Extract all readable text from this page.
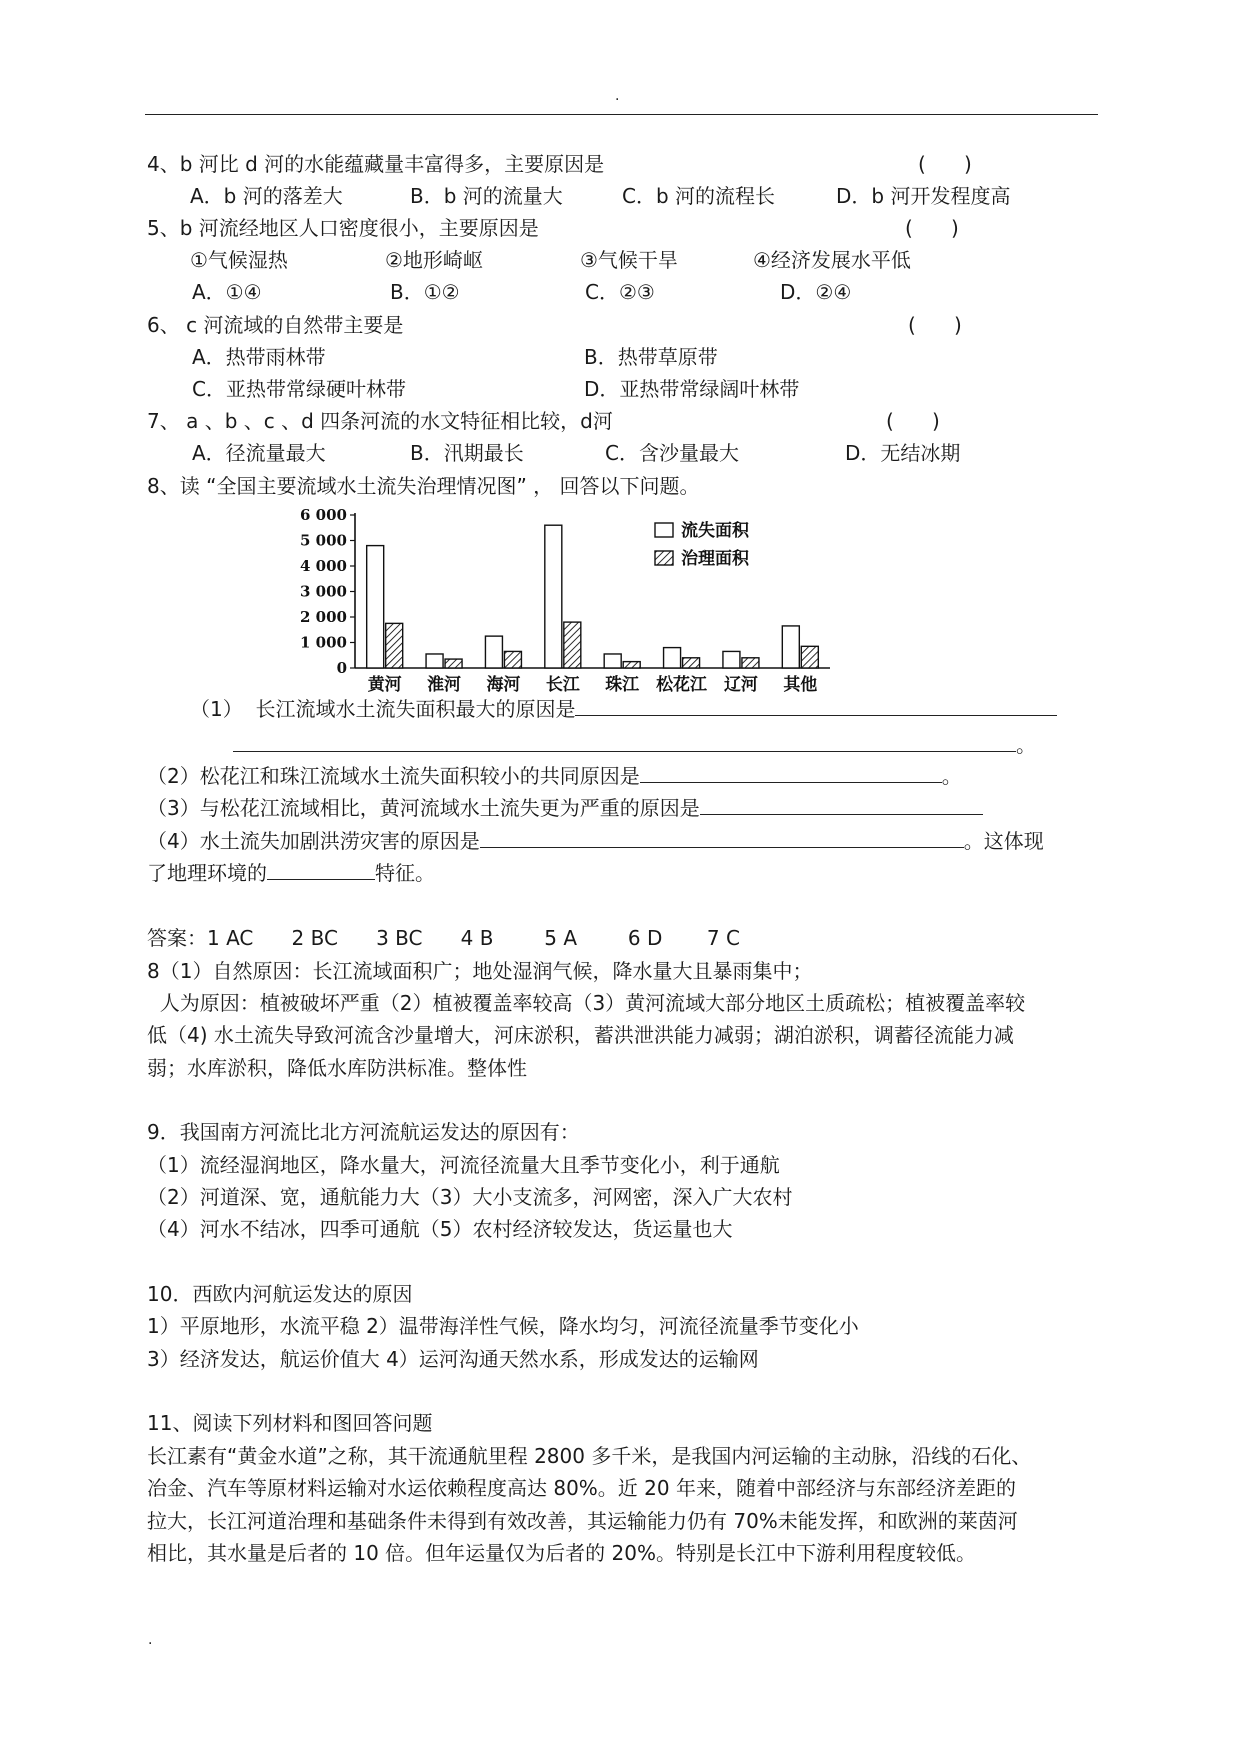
.
4、b 河比 d 河的水能蕴藏量丰富得多，主要原因是	(      )
A．b 河的落差大	B．b 河的流量大	C．b 河的流程长	D．b 河开发程度高
5、b 河流经地区人口密度很小，主要原因是	(      )
①气候湿热	②地形崎岖	③气候干旱	④经济发展水平低
A．①④	B．①②	C．②③	D．②④
6、 c 河流域的自然带主要是	(      )
A．热带雨林带	B．热带草原带
C．亚热带常绿硬叶林带	D．亚热带常绿阔叶林带
7、 a 、b 、c 、d 四条河流的水文特征相比较，d河	(      )
A．径流量最大	B．汛期最长	C．含沙量最大	D．无结冰期
8、读 “全国主要流域水土流失治理情况图” ， 回答以下问题。
0
1 000
2 000
3 000
4 000
5 000
6 000
黄河 淮河 海河 长江 珠江 松花江 辽河 其他
流失面积
治理面积
（1）  长江流域水土流失面积最大的原因是
。
（2）松花江和珠江流域水土流失面积较小的共同原因是	。
（3）与松花江流域相比，黄河流域水土流失更为严重的原因是
（4）水土流失加剧洪涝灾害的原因是	。这体现
了地理环境的	特征。
答案：1 AC      2 BC      3 BC      4 B        5 A        6 D       7 C
8（1）自然原因：长江流域面积广；地处湿润气候，降水量大且暴雨集中；
人为原因：植被破坏严重（2）植被覆盖率较高（3）黄河流域大部分地区土质疏松；植被覆盖率较
低（4) 水土流失导致河流含沙量增大，河床淤积，蓄洪泄洪能力减弱；湖泊淤积，调蓄径流能力减
弱；水库淤积，降低水库防洪标准。整体性
9．我国南方河流比北方河流航运发达的原因有：
（1）流经湿润地区，降水量大，河流径流量大且季节变化小，利于通航
（2）河道深、宽，通航能力大（3）大小支流多，河网密，深入广大农村
（4）河水不结冰，四季可通航（5）农村经济较发达，货运量也大
10．西欧内河航运发达的原因
1）平原地形，水流平稳 2）温带海洋性气候，降水均匀，河流径流量季节变化小
3）经济发达，航运价值大 4）运河沟通天然水系，形成发达的运输网
11、阅读下列材料和图回答问题
长江素有“黄金水道”之称，其干流通航里程 2800 多千米，是我国内河运输的主动脉，沿线的石化、
冶金、汽车等原材料运输对水运依赖程度高达 80%。近 20 年来，随着中部经济与东部经济差距的
拉大，长江河道治理和基础条件未得到有效改善，其运输能力仍有 70%未能发挥，和欧洲的莱茵河
相比，其水量是后者的 10 倍。但年运量仅为后者的 20%。特别是长江中下游利用程度较低。
.
